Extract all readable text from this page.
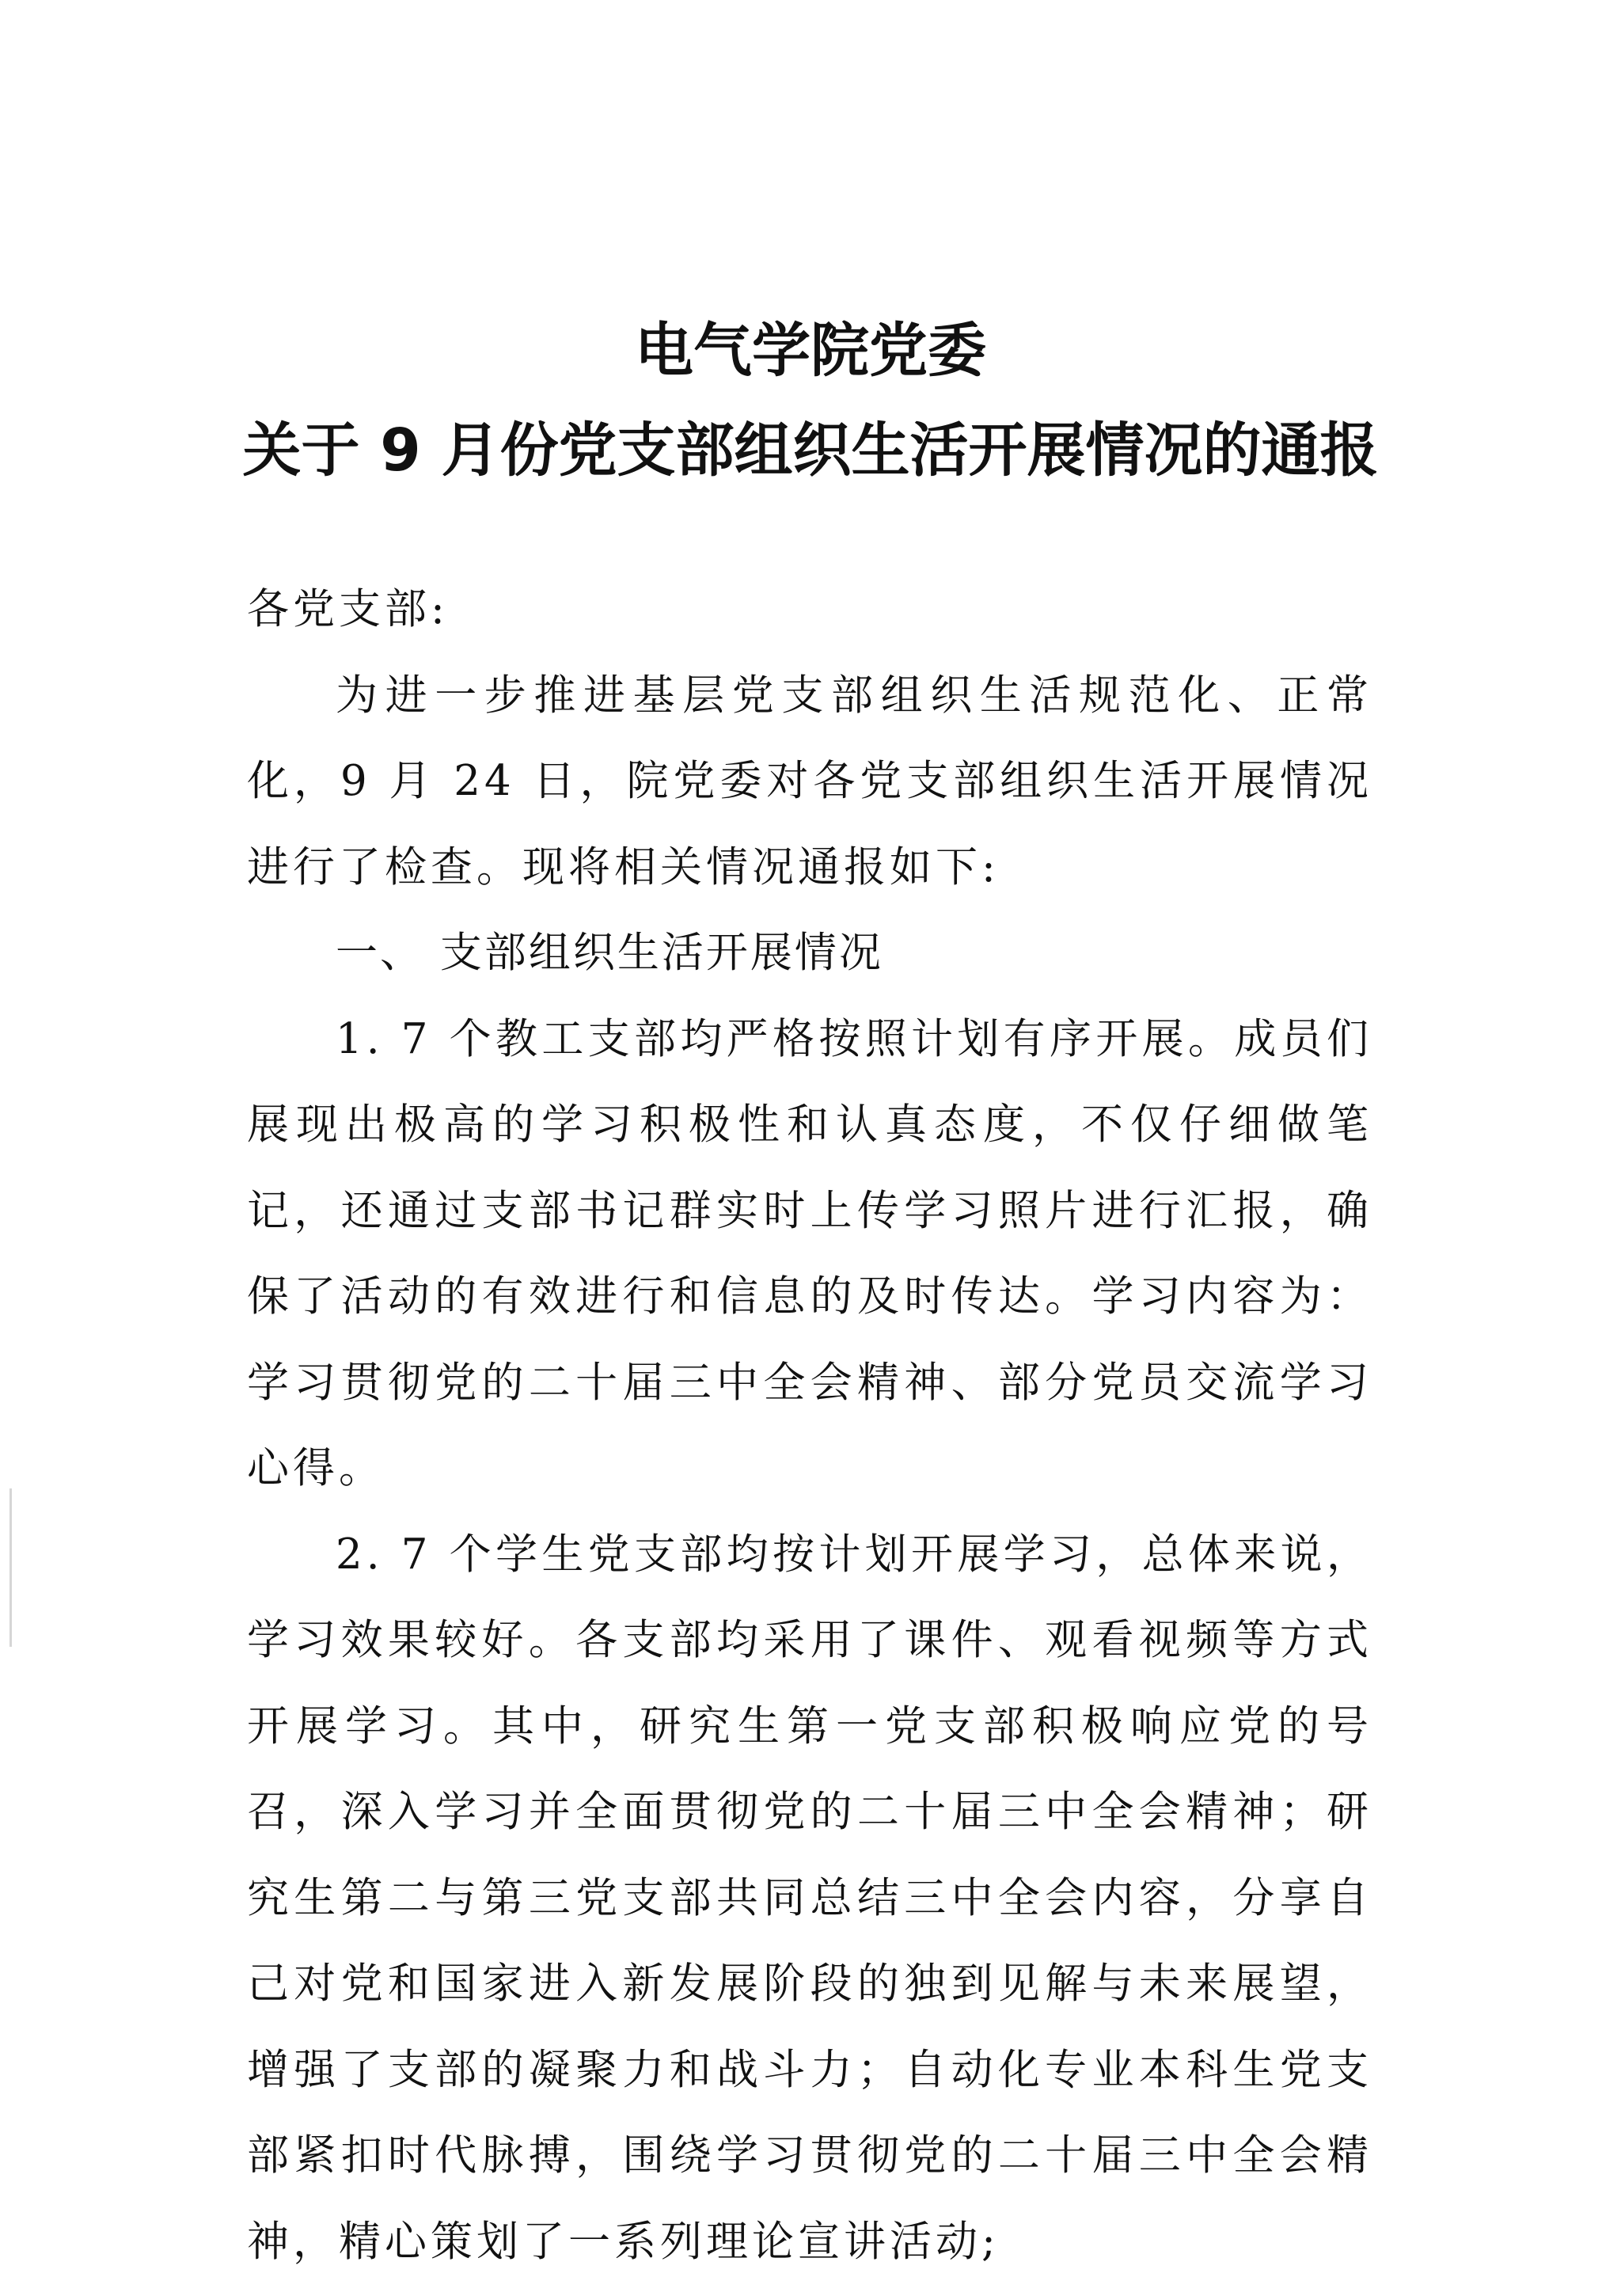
电气学院党委
关于 9 月份党支部组织生活开展情况的通报
各党支部:
为进一步推进基层党支部组织生活规范化、正常化，9 月 24 日，院党委对各党支部组织生活开展情况进行了检查。现将相关情况通报如下:
一、 支部组织生活开展情况
1. 7 个教工支部均严格按照计划有序开展。成员们展现出极高的学习积极性和认真态度，不仅仔细做笔记，还通过支部书记群实时上传学习照片进行汇报，确保了活动的有效进行和信息的及时传达。学习内容为：学习贯彻党的二十届三中全会精神、部分党员交流学习心得。
2. 7 个学生党支部均按计划开展学习，总体来说，学习效果较好。各支部均采用了课件、观看视频等方式开展学习。其中，研究生第一党支部积极响应党的号召，深入学习并全面贯彻党的二十届三中全会精神；研究生第二与第三党支部共同总结三中全会内容，分享自己对党和国家进入新发展阶段的独到见解与未来展望，增强了支部的凝聚力和战斗力；自动化专业本科生党支部紧扣时代脉搏，围绕学习贯彻党的二十届三中全会精神，精心策划了一系列理论宣讲活动;
